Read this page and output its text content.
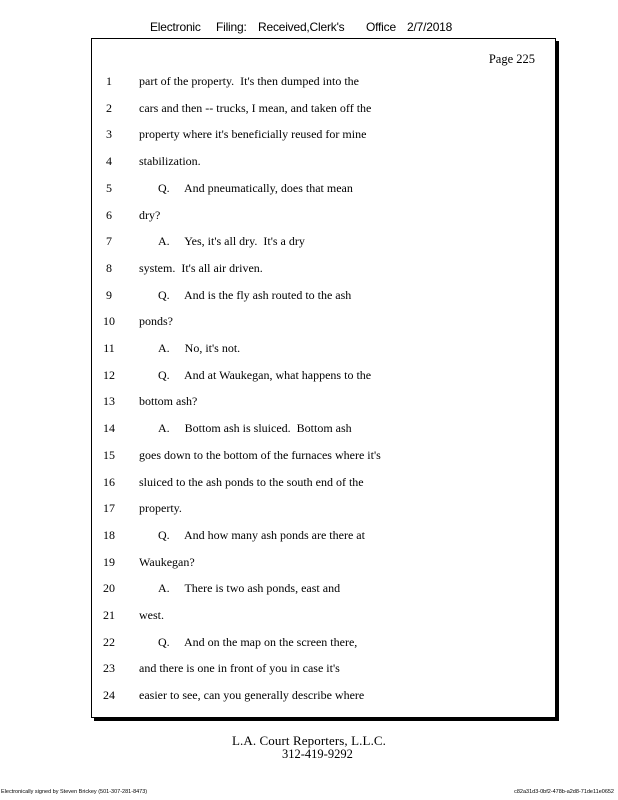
Electronic Filing: Received,Clerk's Office 2/7/2018
Page 225
1	part of the property.  It's then dumped into the
2	cars and then -- trucks, I mean, and taken off the
3	property where it's beneficially reused for mine
4	stabilization.
5	Q.     And pneumatically, does that mean
6	dry?
7	A.     Yes, it's all dry.  It's a dry
8	system.  It's all air driven.
9	Q.     And is the fly ash routed to the ash
10	ponds?
11	A.     No, it's not.
12	Q.     And at Waukegan, what happens to the
13	bottom ash?
14	A.     Bottom ash is sluiced.  Bottom ash
15	goes down to the bottom of the furnaces where it's
16	sluiced to the ash ponds to the south end of the
17	property.
18	Q.     And how many ash ponds are there at
19	Waukegan?
20	A.     There is two ash ponds, east and
21	west.
22	Q.     And on the map on the screen there,
23	and there is one in front of you in case it's
24	easier to see, can you generally describe where
L.A. Court Reporters, L.L.C.
312-419-9292
Electronically signed by Steven Brickey (501-307-281-8473)	c82a31d3-0bf2-478b-a2d8-71de11e0652
